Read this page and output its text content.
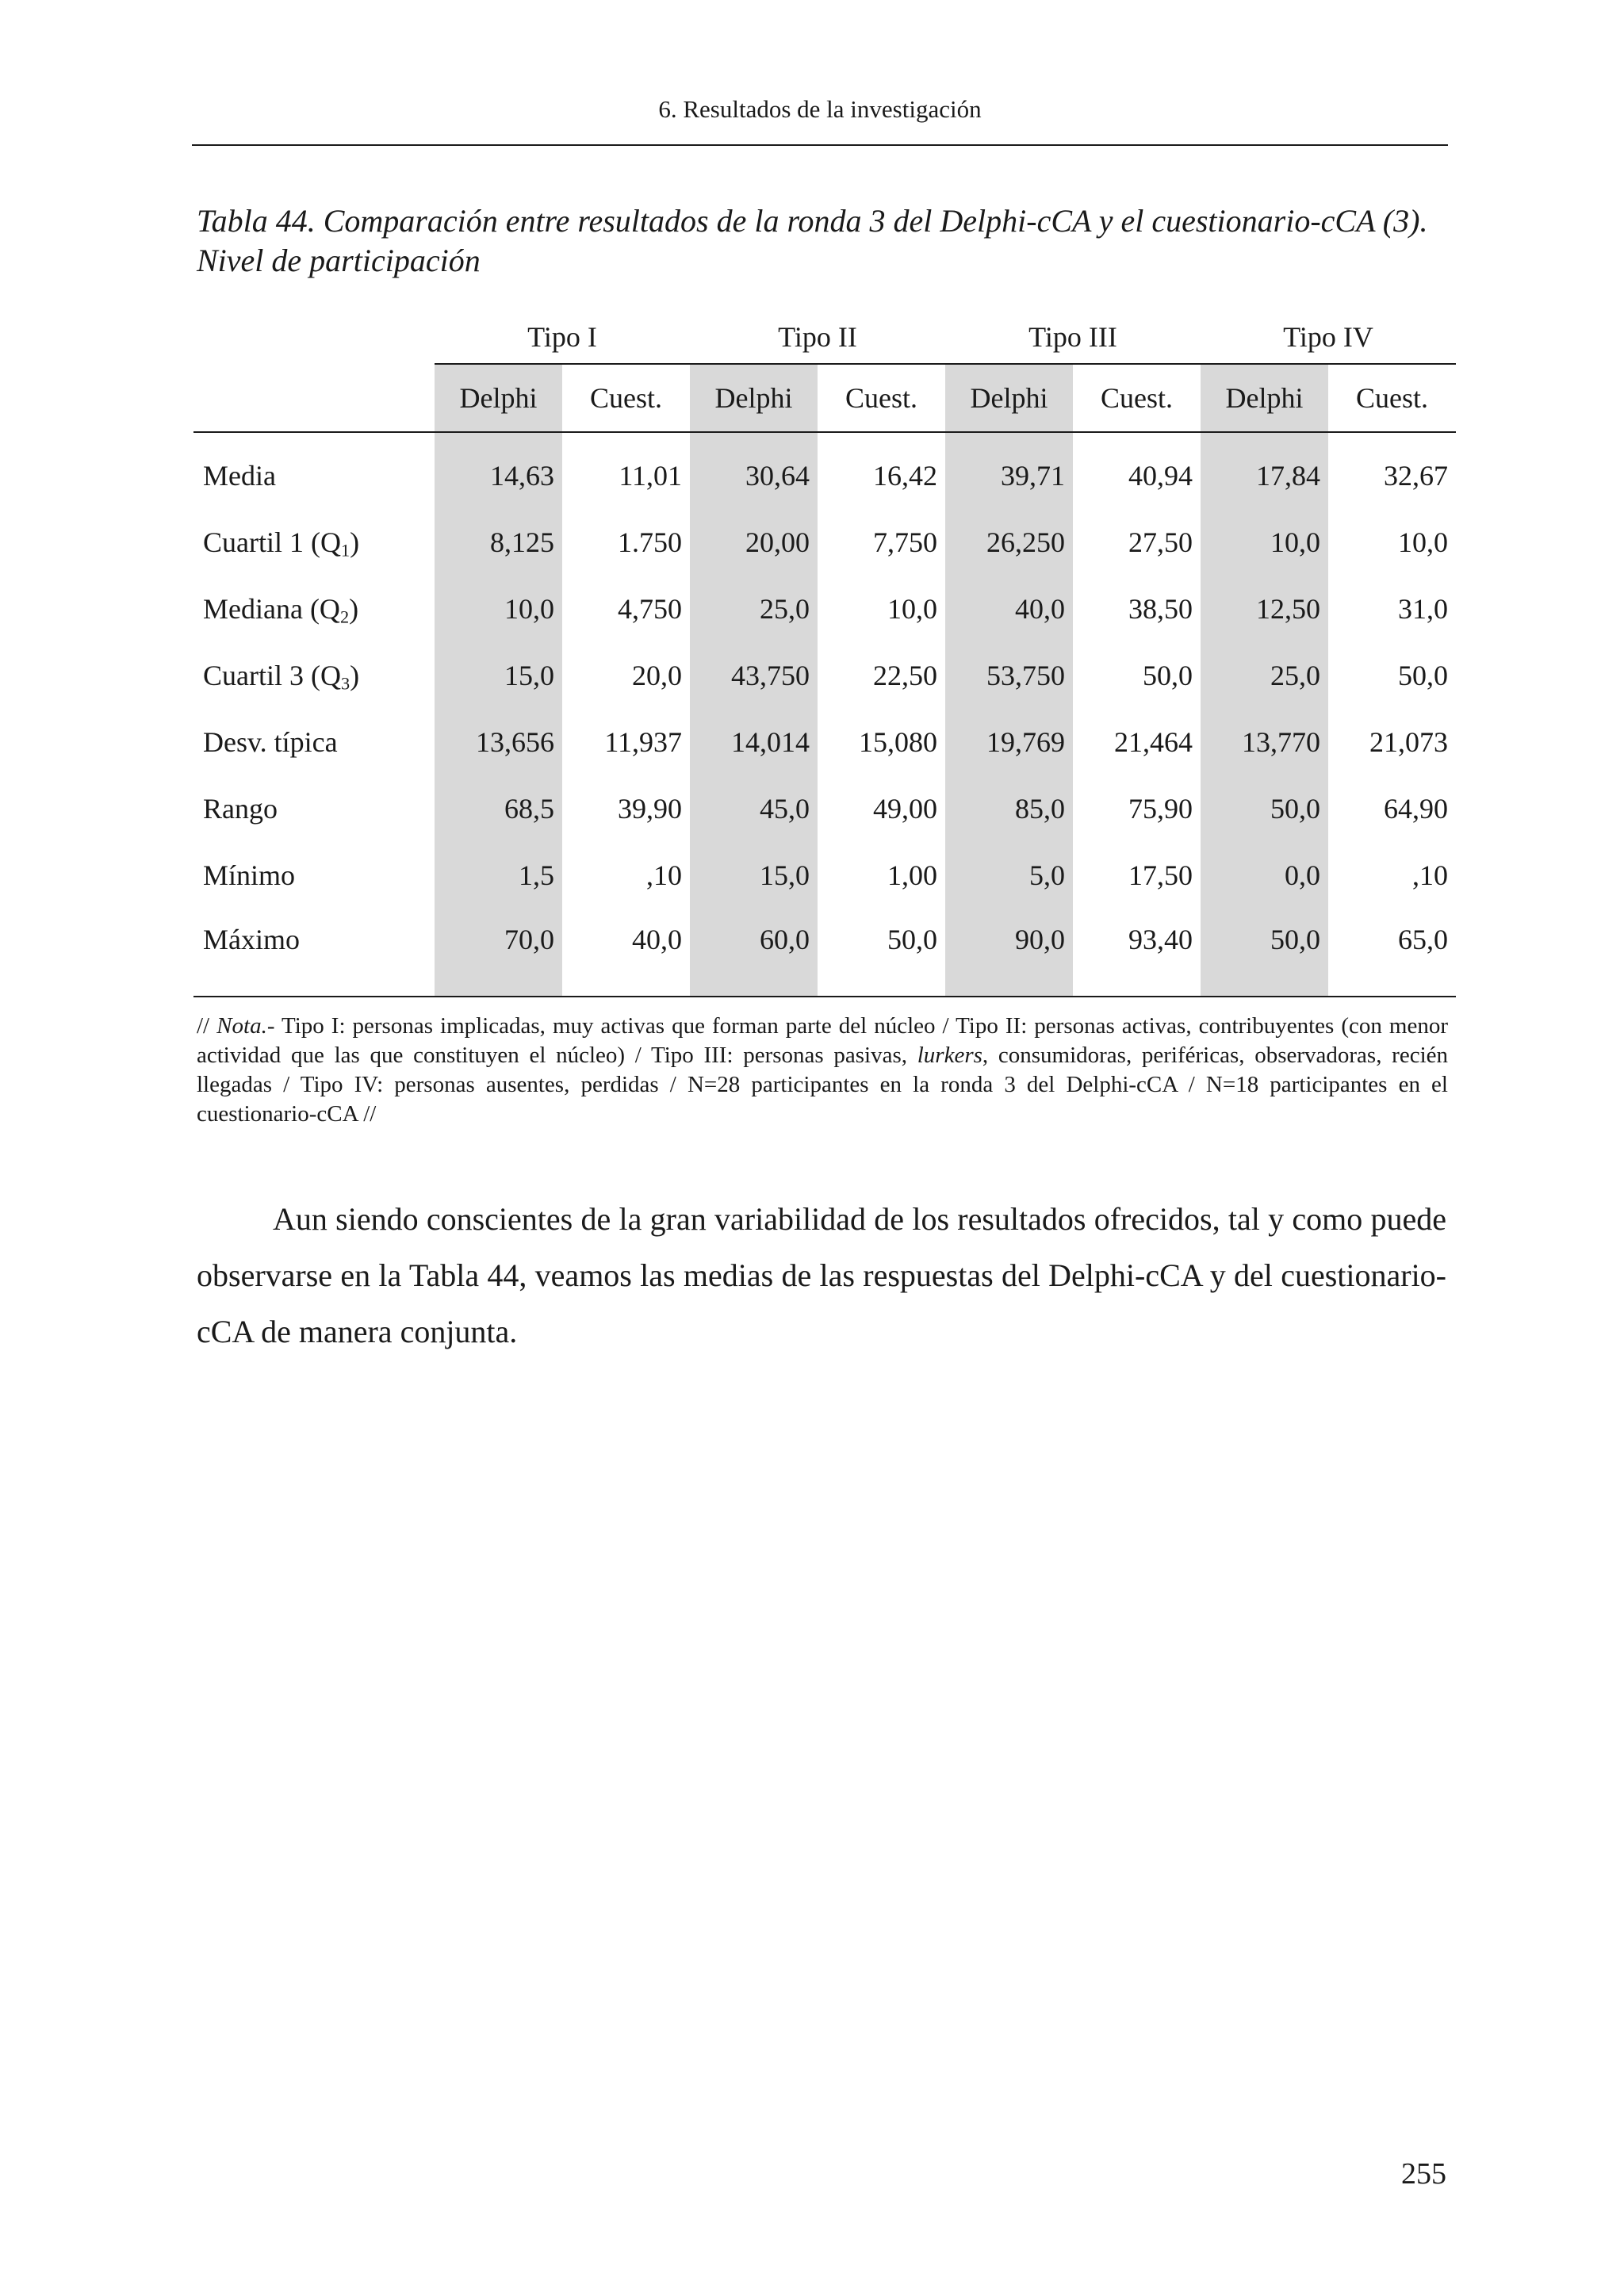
6. Resultados de la investigación
Tabla 44. Comparación entre resultados de la ronda 3 del Delphi-cCA y el cuestionario-cCA (3). Nivel de participación
	Tipo I		Tipo II		Tipo III		Tipo IV	
	Delphi	Cuest.	Delphi	Cuest.	Delphi	Cuest.	Delphi	Cuest.

Media	14,63	11,01	30,64	16,42	39,71	40,94	17,84	32,67
Cuartil 1 $(Q_1)$	8,125	1.750	20,00	7,750	26,250	27,50	10,0	10,0
Mediana $(Q_2)$	10,0	4,750	25,0	10,0	40,0	38,50	12,50	31,0
Cuartil 3 $(Q_3)$	15,0	20,0	43,750	22,50	53,750	50,0	25,0	50,0
Desv. típica	13,656	11,937	14,014	15,080	19,769	21,464	13,770	21,073
Rango	68,5	39,90	45,0	49,00	85,0	75,90	50,0	64,90
Mínimo	1,5	,10	15,0	1,00	5,0	17,50	0,0	,10
Máximo	70,0	40,0	60,0	50,0	90,0	93,40	50,0	65,0
// Nota.- Tipo I: personas implicadas, muy activas que forman parte del núcleo / Tipo II: personas activas, contribuyentes (con menor actividad que las que constituyen el núcleo) / Tipo III: personas pasivas, lurkers, consumidoras, periféricas, observadoras, recién llegadas / Tipo IV: personas ausentes, perdidas / N=28 participantes en la ronda 3 del Delphi-cCA / N=18 participantes en el cuestionario-cCA //
Aun siendo conscientes de la gran variabilidad de los resultados ofrecidos, tal y como puede observarse en la Tabla 44, veamos las medias de las respuestas del Delphi-cCA y del cuestionario-cCA de manera conjunta.
255
